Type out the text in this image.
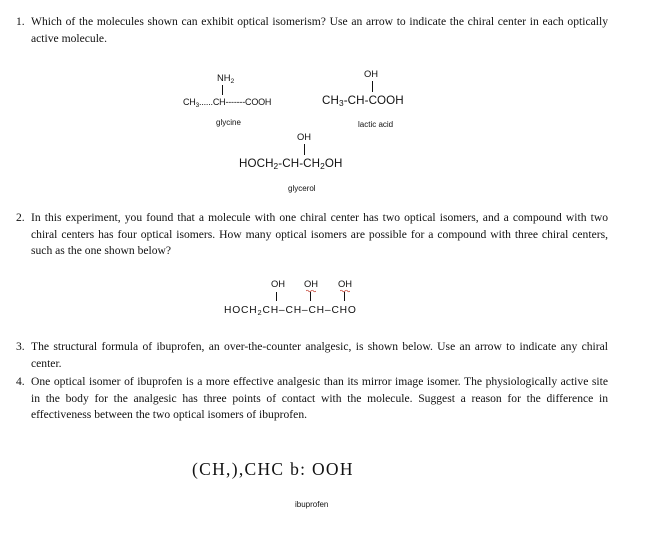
1. Which of the molecules shown can exhibit optical isomerism? Use an arrow to indicate the chiral center in each optically active molecule.
$NH_2$
$CH_3......CH------$-COOH
glycine
OH
$CH_3-CH$-COOH
lactic acid
OH
$HOCH_2-CH-CH_2OH$
glycerol
2. In this experiment, you found that a molecule with one chiral center has two optical isomers, and a compound with two chiral centers has four optical isomers. How many optical isomers are possible for a compound with three chiral centers, such as the one shown below?
OH OH OH
$HOCH_2CH-CH-CH$–CHO
3. The structural formula of ibuprofen, an over-the-counter analgesic, is shown below. Use an arrow to indicate any chiral center.
4. One optical isomer of ibuprofen is a more effective analgesic than its mirror image isomer. The physiologically active site in the body for the analgesic has three points of contact with the molecule. Suggest a reason for the difference in effectiveness between the two optical isomers of ibuprofen.
(CH,),CHC b: OOH
ibuprofen
